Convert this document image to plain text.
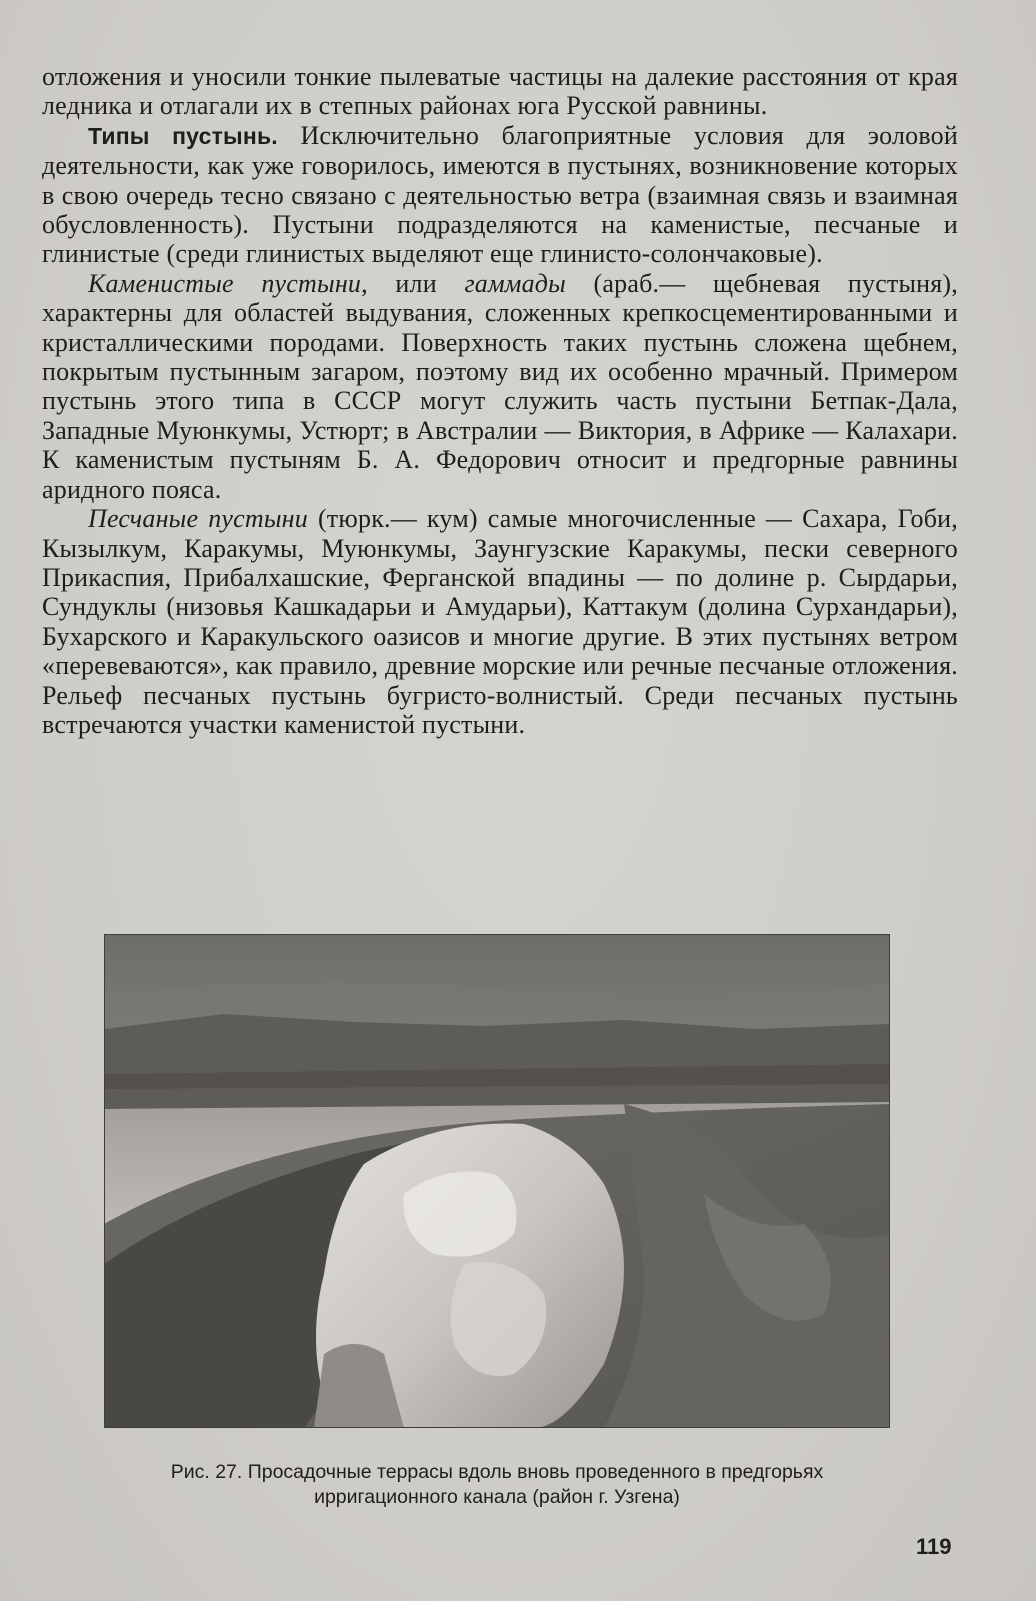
отложения и уносили тонкие пылеватые частицы на далекие расстояния от края ледника и отлагали их в степных районах юга Русской равнины.

Типы пустынь. Исключительно благоприятные условия для эоловой деятельности, как уже говорилось, имеются в пустынях, возникновение которых в свою очередь тесно связано с деятельностью ветра (взаимная связь и взаимная обусловленность). Пустыни подразделяются на каменистые, песчаные и глинистые (среди глинистых выделяют еще глинисто-солончаковые).

Каменистые пустыни, или гаммады (араб.— щебневая пустыня), характерны для областей выдувания, сложенных крепкосцементированными и кристаллическими породами. Поверхность таких пустынь сложена щебнем, покрытым пустынным загаром, поэтому вид их особенно мрачный. Примером пустынь этого типа в СССР могут служить часть пустыни Бетпак-Дала, Западные Муюнкумы, Устюрт; в Австралии — Виктория, в Африке — Калахари. К каменистым пустыням Б. А. Федорович относит и предгорные равнины аридного пояса.

Песчаные пустыни (тюрк.— кум) самые многочисленные — Сахара, Гоби, Кызылкум, Каракумы, Муюнкумы, Заунгузские Каракумы, пески северного Прикаспия, Прибалхашские, Ферганской впадины — по долине р. Сырдарьи, Сундуклы (низовья Кашкадарьи и Амударьи), Каттакум (долина Сурхандарьи), Бухарского и Каракульского оазисов и многие другие. В этих пустынях ветром «перевеваются», как правило, древние морские или речные песчаные отложения. Рельеф песчаных пустынь бугристо-волнистый. Среди песчаных пустынь встречаются участки каменистой пустыни.

Рис. 27. Просадочные террасы вдоль вновь проведенного в предгорьях ирригационного канала (район г. Узгена)
119
